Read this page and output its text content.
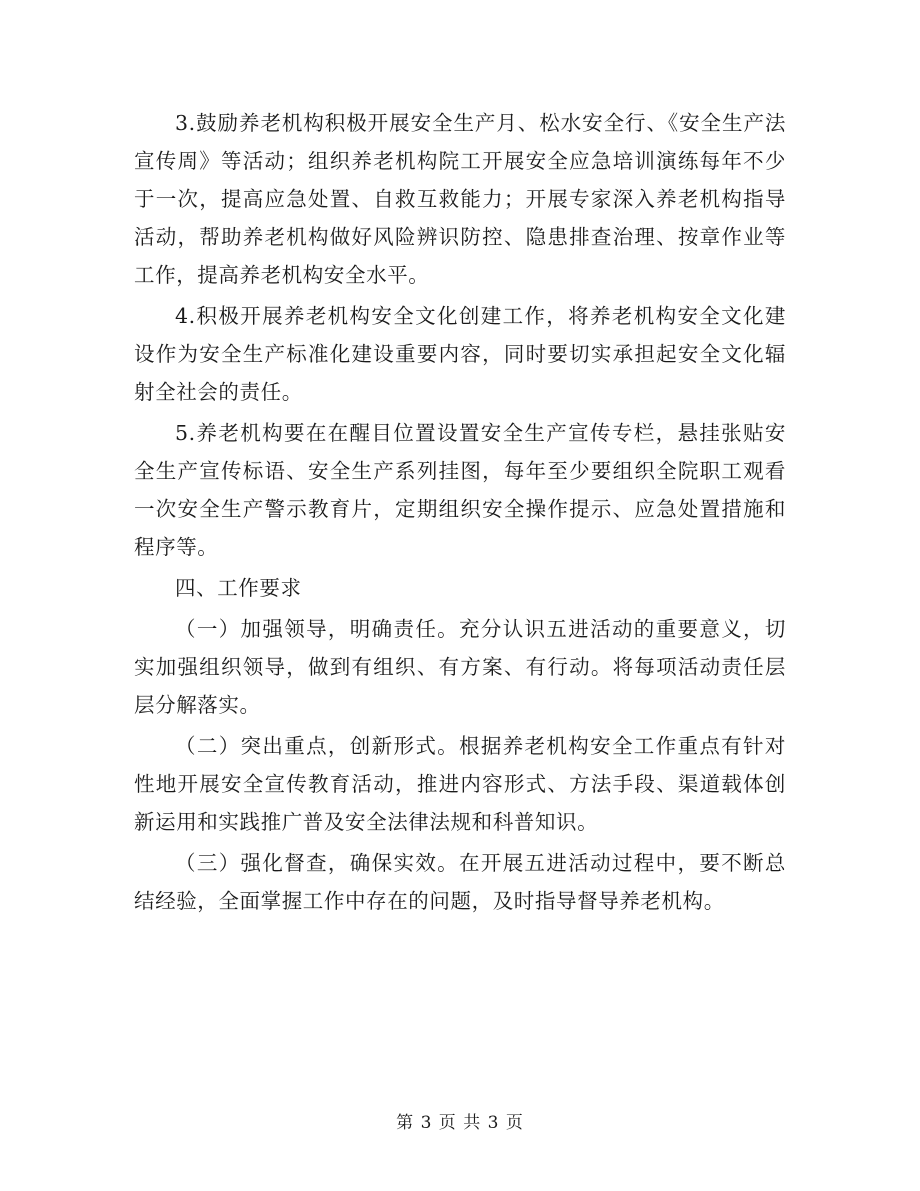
3.鼓励养老机构积极开展安全生产月、松水安全行、《安全生产法宣传周》等活动；组织养老机构院工开展安全应急培训演练每年不少于一次，提高应急处置、自救互救能力；开展专家深入养老机构指导活动，帮助养老机构做好风险辨识防控、隐患排查治理、按章作业等工作，提高养老机构安全水平。

4.积极开展养老机构安全文化创建工作，将养老机构安全文化建设作为安全生产标准化建设重要内容，同时要切实承担起安全文化辐射全社会的责任。

5.养老机构要在在醒目位置设置安全生产宣传专栏，悬挂张贴安全生产宣传标语、安全生产系列挂图，每年至少要组织全院职工观看一次安全生产警示教育片，定期组织安全操作提示、应急处置措施和程序等。

四、工作要求

（一）加强领导，明确责任。充分认识五进活动的重要意义，切实加强组织领导，做到有组织、有方案、有行动。将每项活动责任层层分解落实。

（二）突出重点，创新形式。根据养老机构安全工作重点有针对性地开展安全宣传教育活动，推进内容形式、方法手段、渠道载体创新运用和实践推广普及安全法律法规和科普知识。

（三）强化督查，确保实效。在开展五进活动过程中，要不断总结经验，全面掌握工作中存在的问题，及时指导督导养老机构。

第 3 页 共 3 页
